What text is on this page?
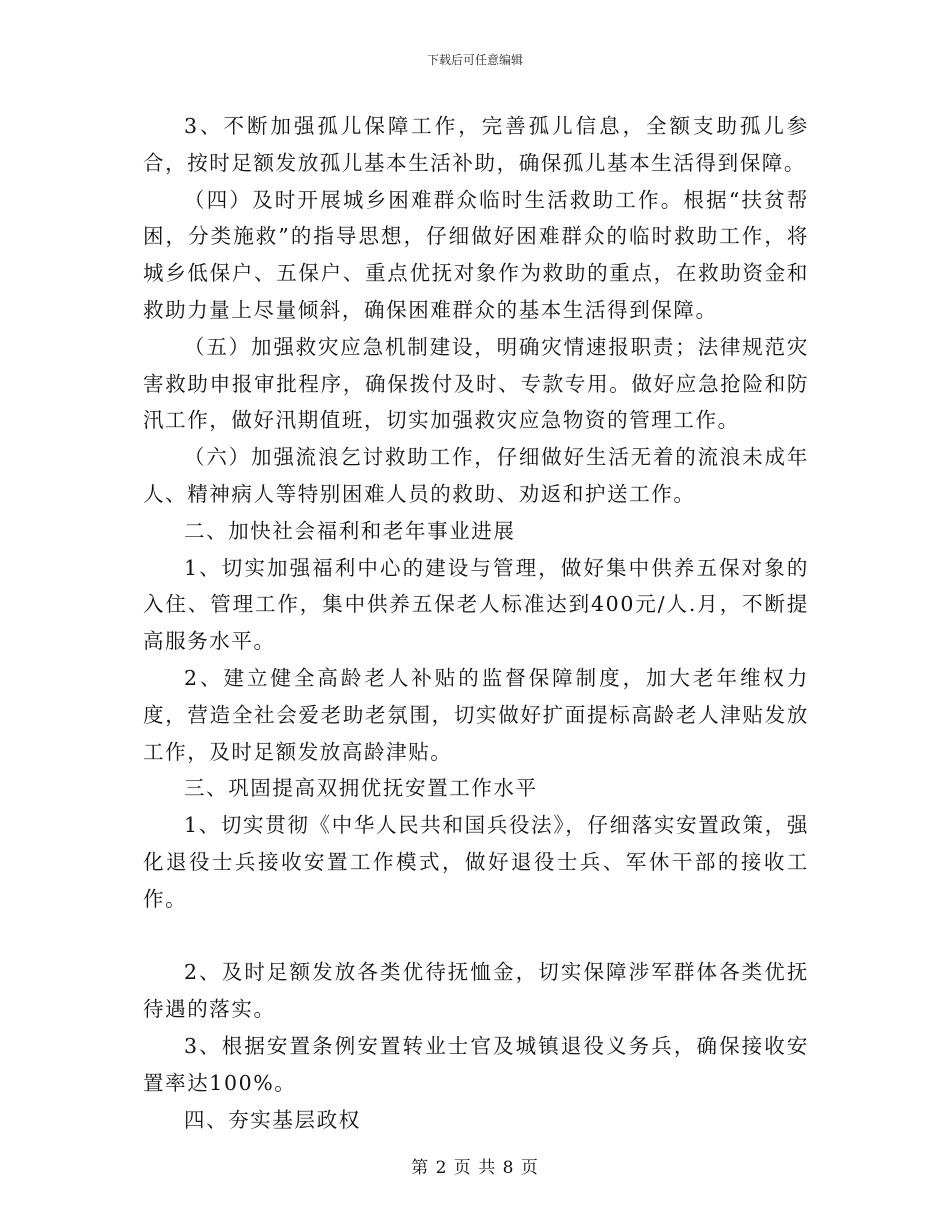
下载后可任意编辑

3、不断加强孤儿保障工作，完善孤儿信息，全额支助孤儿参合，按时足额发放孤儿基本生活补助，确保孤儿基本生活得到保障。

（四）及时开展城乡困难群众临时生活救助工作。根据“扶贫帮困，分类施救”的指导思想，仔细做好困难群众的临时救助工作，将城乡低保户、五保户、重点优抚对象作为救助的重点，在救助资金和救助力量上尽量倾斜，确保困难群众的基本生活得到保障。

（五）加强救灾应急机制建设，明确灾情速报职责；法律规范灾害救助申报审批程序，确保拨付及时、专款专用。做好应急抢险和防汛工作，做好汛期值班，切实加强救灾应急物资的管理工作。

（六）加强流浪乞讨救助工作，仔细做好生活无着的流浪未成年人、精神病人等特别困难人员的救助、劝返和护送工作。

二、加快社会福利和老年事业进展

1、切实加强福利中心的建设与管理，做好集中供养五保对象的入住、管理工作，集中供养五保老人标准达到400元/人.月，不断提高服务水平。

2、建立健全高龄老人补贴的监督保障制度，加大老年维权力度，营造全社会爱老助老氛围，切实做好扩面提标高龄老人津贴发放工作，及时足额发放高龄津贴。

三、巩固提高双拥优抚安置工作水平

1、切实贯彻《中华人民共和国兵役法》，仔细落实安置政策，强化退役士兵接收安置工作模式，做好退役士兵、军休干部的接收工作。

2、及时足额发放各类优待抚恤金，切实保障涉军群体各类优抚待遇的落实。

3、根据安置条例安置转业士官及城镇退役义务兵，确保接收安置率达100%。

四、夯实基层政权

第 2 页 共 8 页
